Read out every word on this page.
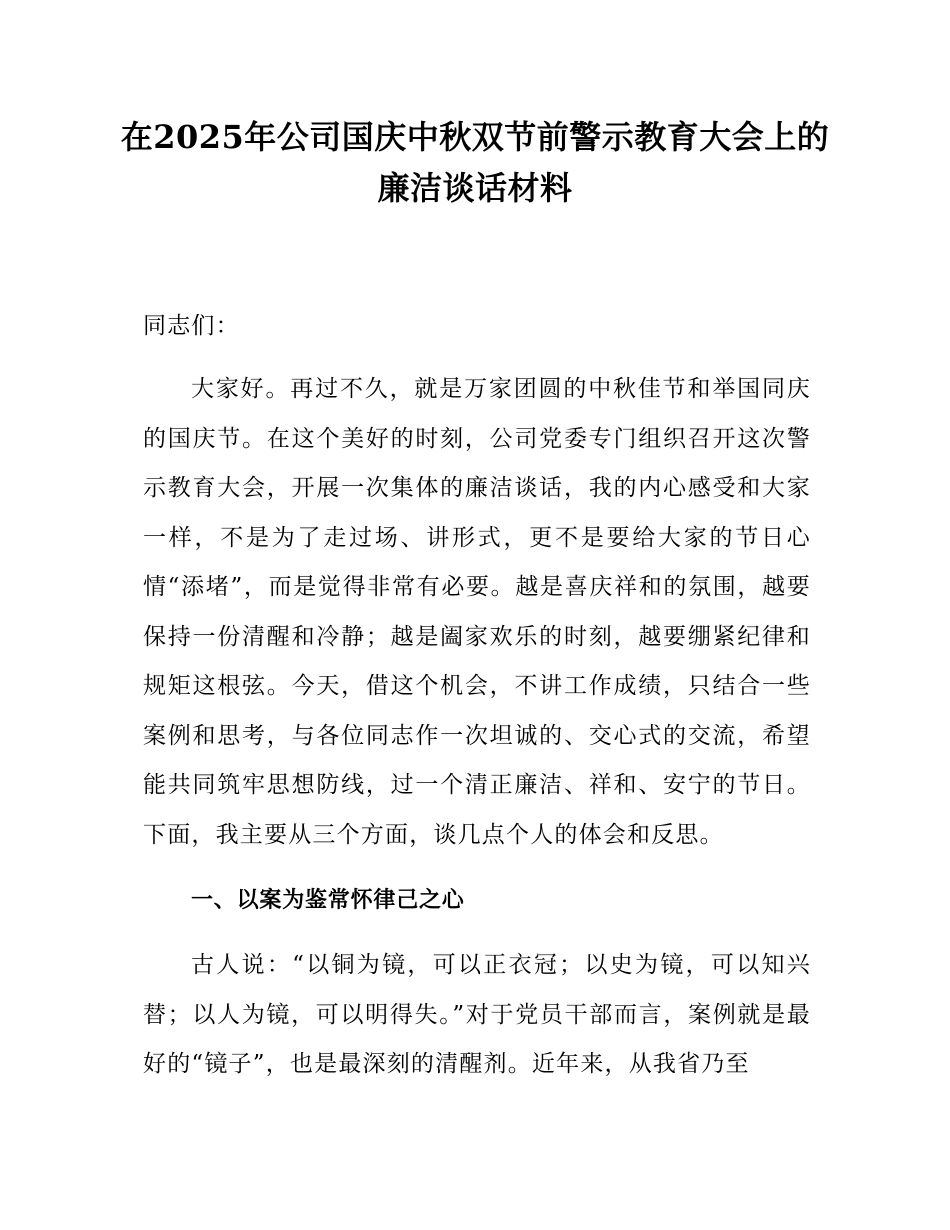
在2025年公司国庆中秋双节前警示教育大会上的廉洁谈话材料

同志们：

大家好。再过不久，就是万家团圆的中秋佳节和举国同庆的国庆节。在这个美好的时刻，公司党委专门组织召开这次警示教育大会，开展一次集体的廉洁谈话，我的内心感受和大家一样，不是为了走过场、讲形式，更不是要给大家的节日心情“添堵”，而是觉得非常有必要。越是喜庆祥和的氛围，越要保持一份清醒和冷静；越是阖家欢乐的时刻，越要绷紧纪律和规矩这根弦。今天，借这个机会，不讲工作成绩，只结合一些案例和思考，与各位同志作一次坦诚的、交心式的交流，希望能共同筑牢思想防线，过一个清正廉洁、祥和、安宁的节日。下面，我主要从三个方面，谈几点个人的体会和反思。

一、以案为鉴常怀律己之心

古人说：“以铜为镜，可以正衣冠；以史为镜，可以知兴替；以人为镜，可以明得失。”对于党员干部而言，案例就是最好的“镜子”，也是最深刻的清醒剂。近年来，从我省乃至
